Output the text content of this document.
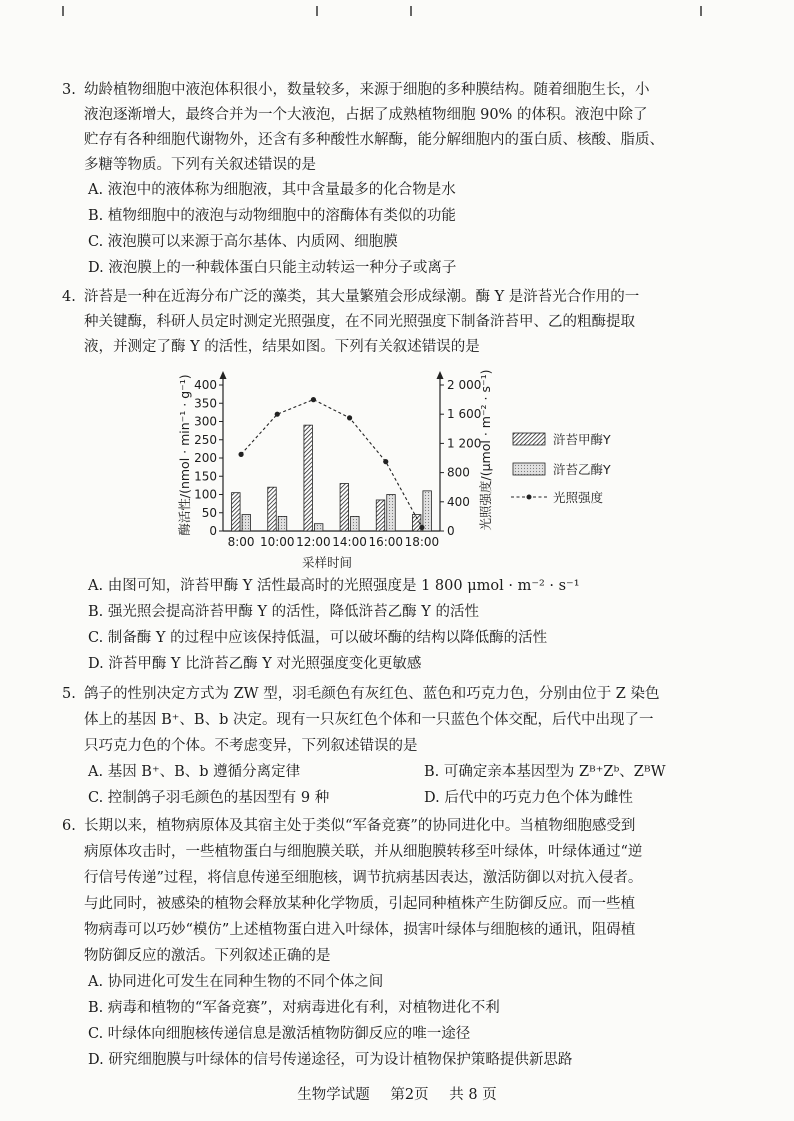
3. 幼龄植物细胞中液泡体积很小，数量较多，来源于细胞的多种膜结构。随着细胞生长，小
液泡逐渐增大，最终合并为一个大液泡，占据了成熟植物细胞 90% 的体积。液泡中除了
贮存有各种细胞代谢物外，还含有多种酸性水解酶，能分解细胞内的蛋白质、核酸、脂质、
多糖等物质。下列有关叙述错误的是
A. 液泡中的液体称为细胞液，其中含量最多的化合物是水
B. 植物细胞中的液泡与动物细胞中的溶酶体有类似的功能
C. 液泡膜可以来源于高尔基体、内质网、细胞膜
D. 液泡膜上的一种载体蛋白只能主动转运一种分子或离子
4. 浒苔是一种在近海分布广泛的藻类，其大量繁殖会形成绿潮。酶 Y 是浒苔光合作用的一
种关键酶，科研人员定时测定光照强度，在不同光照强度下制备浒苔甲、乙的粗酶提取
液，并测定了酶 Y 的活性，结果如图。下列有关叙述错误的是
酶活性/(nmol · min⁻¹ · g⁻¹)	光照强度/(μmol · m⁻² · s⁻¹)
采样时间
0
50
100
150
200
250
300
350
400
0
400
800
1 200
1 600
2 000
8:00 10:00 12:00 14:00 16:00 18:00
浒苔甲酶Y
浒苔乙酶Y
光照强度
A. 由图可知，浒苔甲酶 Y 活性最高时的光照强度是 1 800 μmol · m⁻² · s⁻¹
B. 强光照会提高浒苔甲酶 Y 的活性，降低浒苔乙酶 Y 的活性
C. 制备酶 Y 的过程中应该保持低温，可以破坏酶的结构以降低酶的活性
D. 浒苔甲酶 Y 比浒苔乙酶 Y 对光照强度变化更敏感
5. 鸽子的性别决定方式为 ZW 型，羽毛颜色有灰红色、蓝色和巧克力色，分别由位于 Z 染色
体上的基因 B⁺、B、b 决定。现有一只灰红色个体和一只蓝色个体交配，后代中出现了一
只巧克力色的个体。不考虑变异，下列叙述错误的是
A. 基因 B⁺、B、b 遵循分离定律	B. 可确定亲本基因型为 Zᴮ⁺Zᵇ、ZᴮW
C. 控制鸽子羽毛颜色的基因型有 9 种	D. 后代中的巧克力色个体为雌性
6. 长期以来，植物病原体及其宿主处于类似“军备竞赛”的协同进化中。当植物细胞感受到
病原体攻击时，一些植物蛋白与细胞膜关联，并从细胞膜转移至叶绿体，叶绿体通过“逆
行信号传递”过程，将信息传递至细胞核，调节抗病基因表达，激活防御以对抗入侵者。
与此同时，被感染的植物会释放某种化学物质，引起同种植株产生防御反应。而一些植
物病毒可以巧妙“模仿”上述植物蛋白进入叶绿体，损害叶绿体与细胞核的通讯，阻碍植
物防御反应的激活。下列叙述正确的是
A. 协同进化可发生在同种生物的不同个体之间
B. 病毒和植物的“军备竞赛”，对病毒进化有利，对植物进化不利
C. 叶绿体向细胞核传递信息是激活植物防御反应的唯一途径
D. 研究细胞膜与叶绿体的信号传递途径，可为设计植物保护策略提供新思路
生物学试题 第2页 共 8 页
